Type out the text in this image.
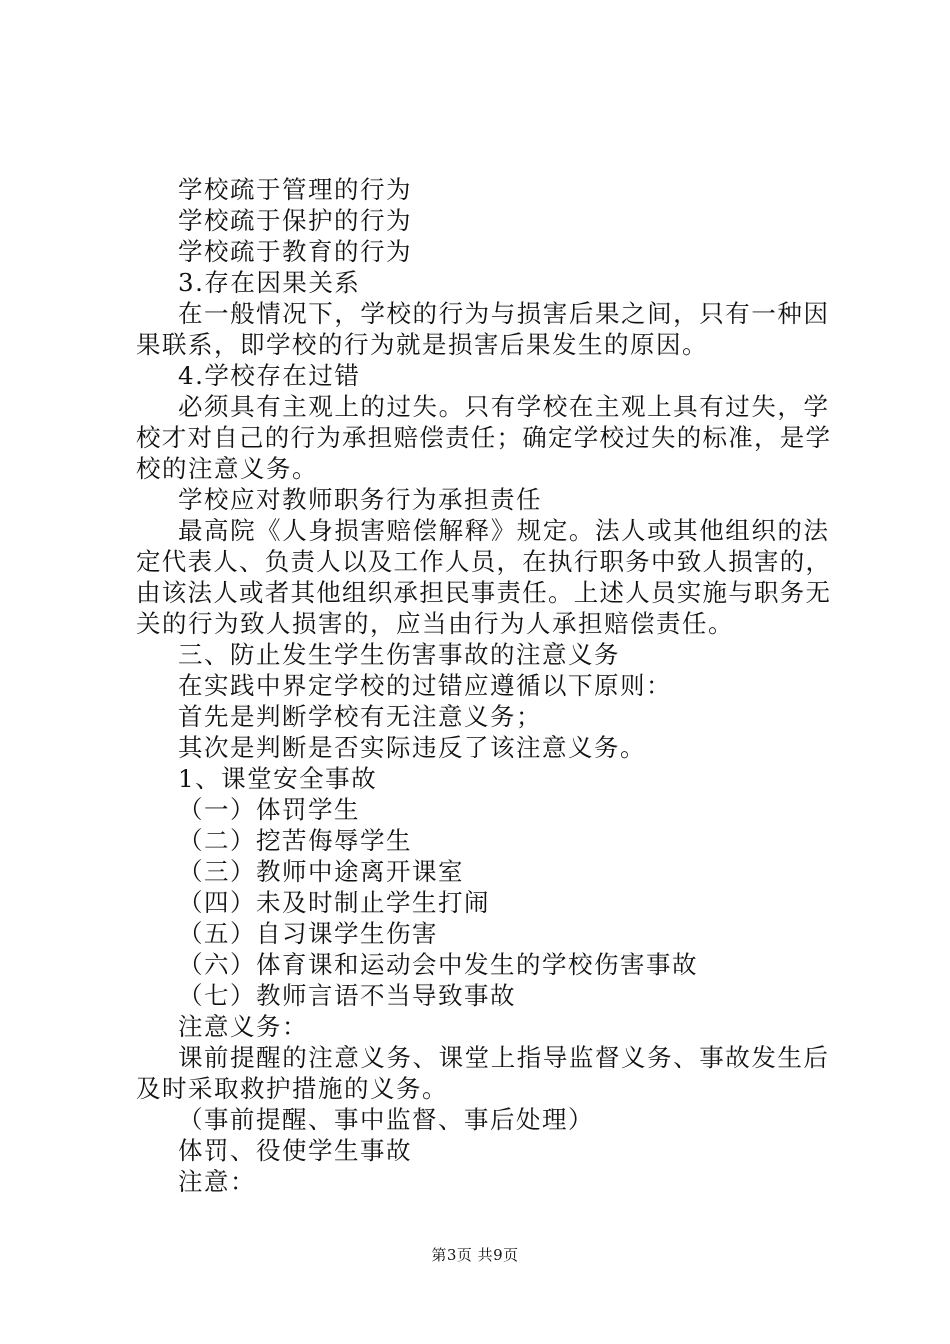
学校疏于管理的行为
学校疏于保护的行为
学校疏于教育的行为
3.存在因果关系
在一般情况下，学校的行为与损害后果之间，只有一种因
果联系，即学校的行为就是损害后果发生的原因。
4.学校存在过错
必须具有主观上的过失。只有学校在主观上具有过失，学
校才对自己的行为承担赔偿责任；确定学校过失的标准，是学
校的注意义务。
学校应对教师职务行为承担责任
最高院《人身损害赔偿解释》规定。法人或其他组织的法
定代表人、负责人以及工作人员，在执行职务中致人损害的，
由该法人或者其他组织承担民事责任。上述人员实施与职务无
关的行为致人损害的，应当由行为人承担赔偿责任。
三、防止发生学生伤害事故的注意义务
在实践中界定学校的过错应遵循以下原则：
首先是判断学校有无注意义务；
其次是判断是否实际违反了该注意义务。
1、课堂安全事故
（一）体罚学生
（二）挖苦侮辱学生
（三）教师中途离开课室
（四）未及时制止学生打闹
（五）自习课学生伤害
（六）体育课和运动会中发生的学校伤害事故
（七）教师言语不当导致事故
注意义务：
课前提醒的注意义务、课堂上指导监督义务、事故发生后
及时采取救护措施的义务。
（事前提醒、事中监督、事后处理）
体罚、役使学生事故
注意：
第3页 共9页
